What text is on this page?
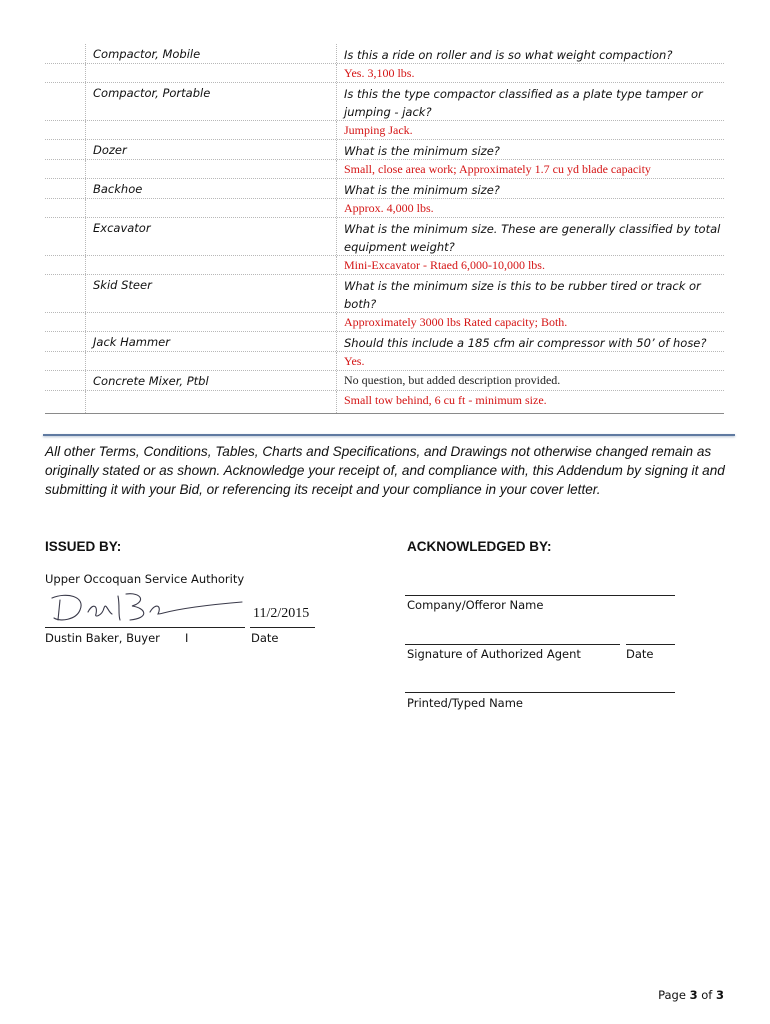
Compactor, Mobile	Is this a ride on roller and is so what weight compaction?
Yes. 3,100 lbs.
Compactor, Portable	Is this the type compactor classified as a plate type tamper or jumping - jack?
Jumping Jack.
Dozer	What is the minimum size?
Small, close area work; Approximately 1.7 cu yd blade capacity
Backhoe	What is the minimum size?
Approx. 4,000 lbs.
Excavator	What is the minimum size. These are generally classified by total equipment weight?
Mini-Excavator - Rtaed 6,000-10,000 lbs.
Skid Steer	What is the minimum size is this to be rubber tired or track or both?
Approximately 3000 lbs Rated capacity; Both.
Jack Hammer	Should this include a 185 cfm air compressor with 50’ of hose?
Yes.
Concrete Mixer, Ptbl	No question, but added description provided.
Small tow behind, 6 cu ft - minimum size.

All other Terms, Conditions, Tables, Charts and Specifications, and Drawings not otherwise changed remain as originally stated or as shown. Acknowledge your receipt of, and compliance with, this Addendum by signing it and submitting it with your Bid, or referencing its receipt and your compliance in your cover letter.

ISSUED BY:
Upper Occoquan Service Authority
11/2/2015
Dustin Baker, Buyer I	Date
ACKNOWLEDGED BY:
Company/Offeror Name
Signature of Authorized Agent	Date
Printed/Typed Name
Page 3 of 3
